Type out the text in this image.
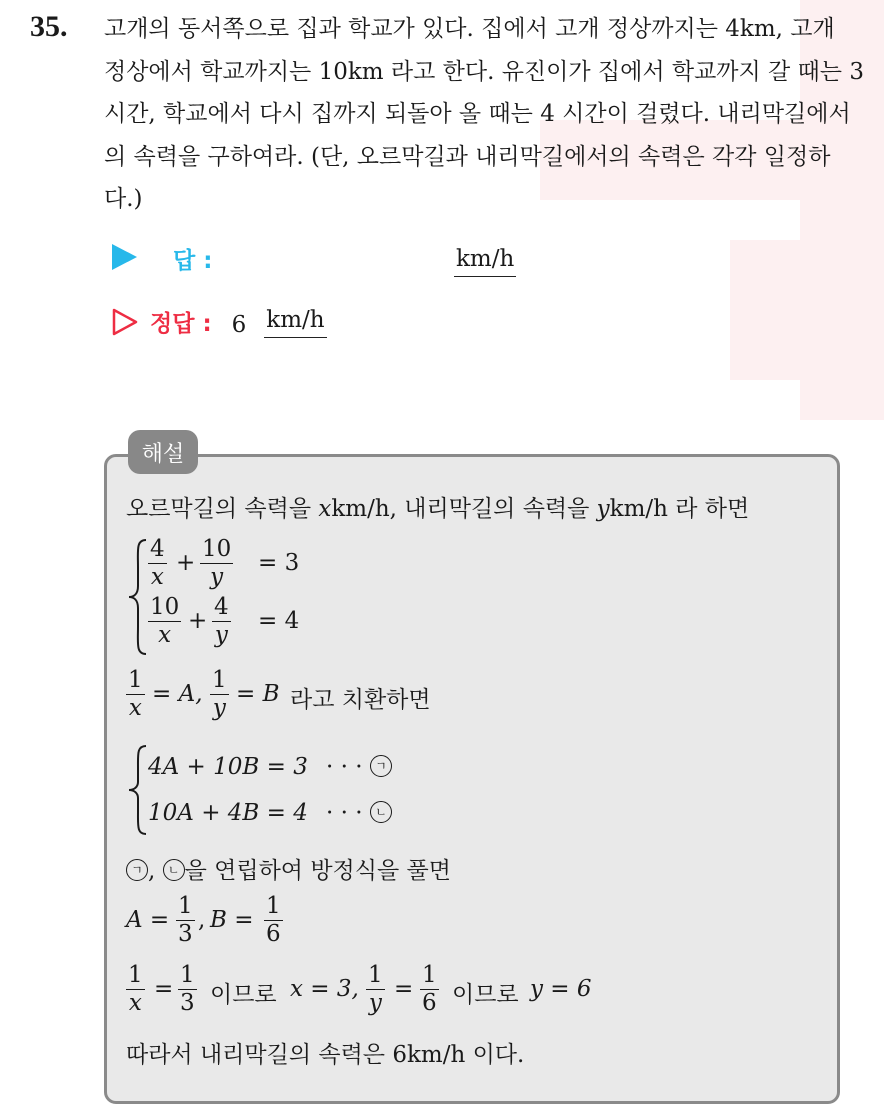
35. 고개의 동서쪽으로 집과 학교가 있다. 집에서 고개 정상까지는 4km, 고개 정상에서 학교까지는 10km 라고 한다. 유진이가 집에서 학교까지 갈 때는 3 시간, 학교에서 다시 집까지 되돌아 올 때는 4 시간이 걸렸다. 내리막길에서의 속력을 구하여라. (단, 오르막길과 내리막길에서의 속력은 각각 일정하다.)
답 :	km/h
정답 : 6 km/h
해설
오르막길의 속력을 xkm/h, 내리막길의 속력을 ykm/h 라 하면
4
x
+
10
y
= 3
10
x
+
4
y
= 4
1
x
= A,
1
y
= B 라고 치환하면
4A + 10B = 3 · · ·	ㄱ
10A + 4B = 4 · · ·	ㄴ
ㄱ , ㄴ 을 연립하여 방정식을 풀면
A =
1
3
, B =
1
6
1
x
=
1
3 이므로 x = 3,
1
y
=
1
6 이므로 y = 6
따라서 내리막길의 속력은 6km/h 이다.
